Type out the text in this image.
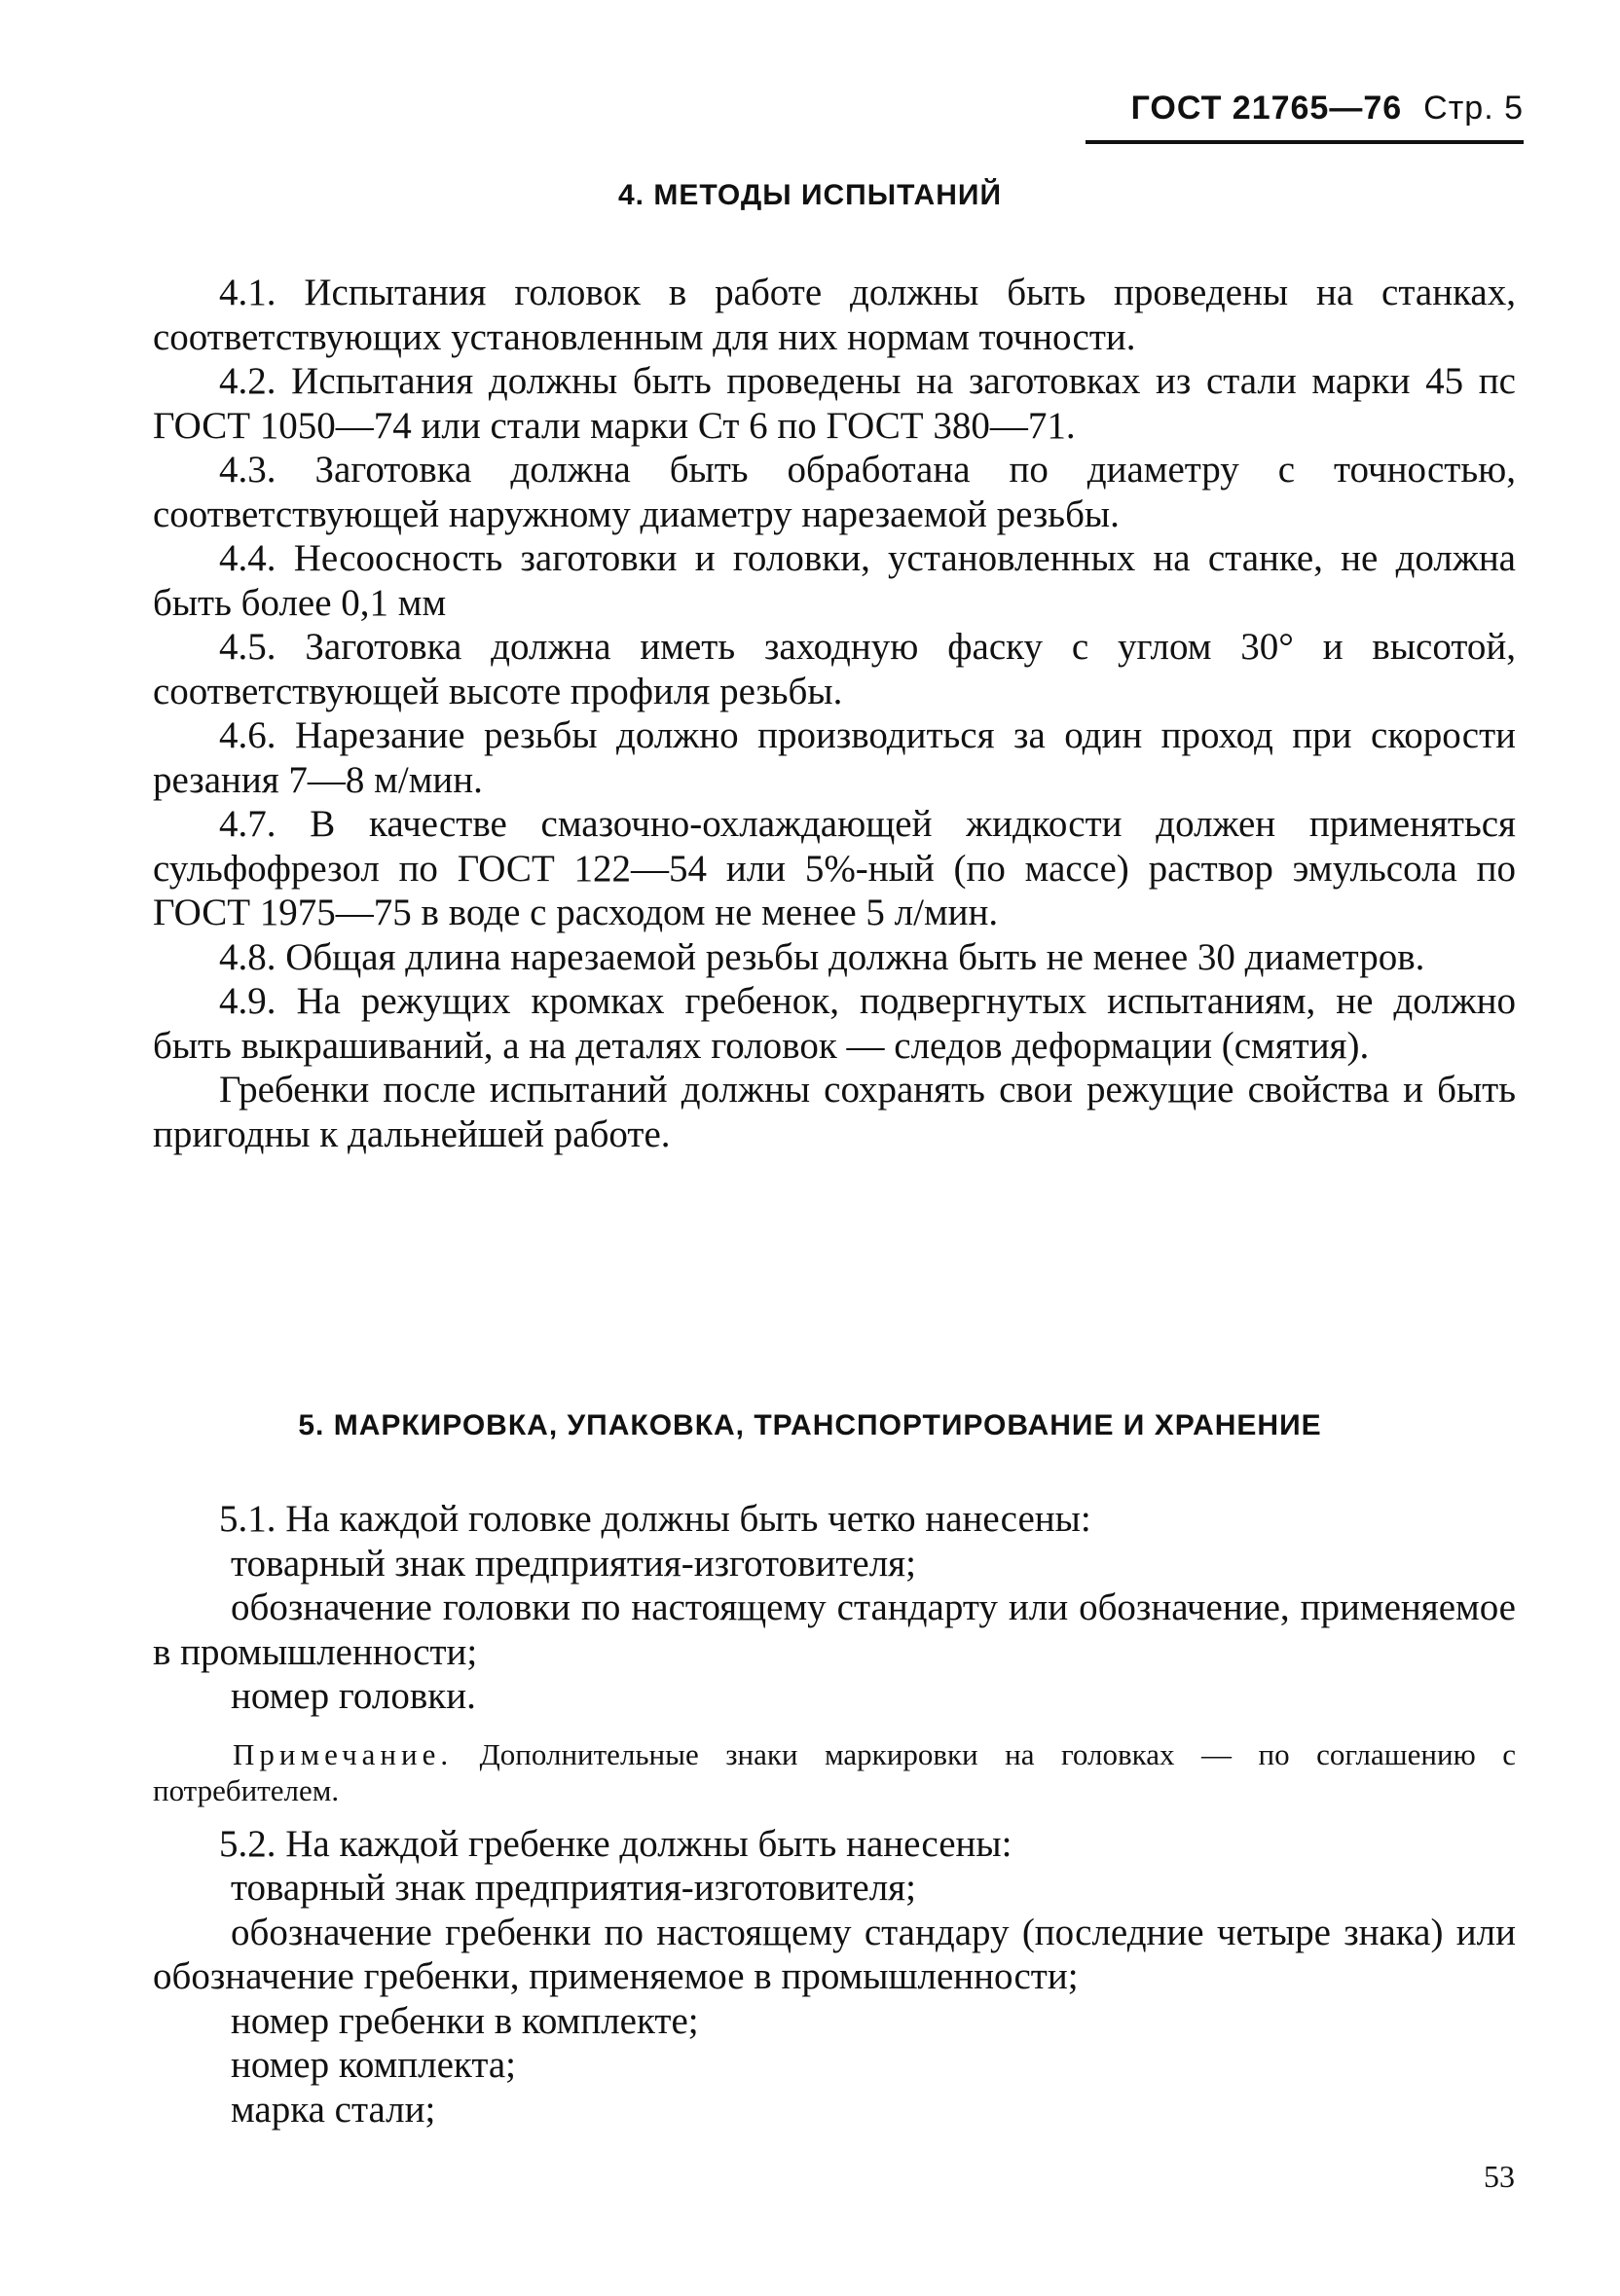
ГОСТ 21765—76 Стр. 5
4. МЕТОДЫ ИСПЫТАНИЙ

4.1. Испытания головок в работе должны быть проведены на станках, соответствующих установленным для них нормам точности.

4.2. Испытания должны быть проведены на заготовках из стали марки 45 пс ГОСТ 1050—74 или стали марки Ст 6 по ГОСТ 380—71.

4.3. Заготовка должна быть обработана по диаметру с точностью, соответствующей наружному диаметру нарезаемой резьбы.

4.4. Несоосность заготовки и головки, установленных на станке, не должна быть более 0,1 мм

4.5. Заготовка должна иметь заходную фаску с углом 30° и высотой, соответствующей высоте профиля резьбы.

4.6. Нарезание резьбы должно производиться за один проход при скорости резания 7—8 м/мин.

4.7. В качестве смазочно-охлаждающей жидкости должен применяться сульфофрезол по ГОСТ 122—54 или 5%-ный (по массе) раствор эмульсола по ГОСТ 1975—75 в воде с расходом не менее 5 л/мин.

4.8. Общая длина нарезаемой резьбы должна быть не менее 30 диаметров.

4.9. На режущих кромках гребенок, подвергнутых испытаниям, не должно быть выкрашиваний, а на деталях головок — следов деформации (смятия).

Гребенки после испытаний должны сохранять свои режущие свойства и быть пригодны к дальнейшей работе.

5. МАРКИРОВКА, УПАКОВКА, ТРАНСПОРТИРОВАНИЕ И ХРАНЕНИЕ

5.1. На каждой головке должны быть четко нанесены:

товарный знак предприятия-изготовителя;

обозначение головки по настоящему стандарту или обозначение, применяемое в промышленности;

номер головки.

Примечание. Дополнительные знаки маркировки на головках — по соглашению с потребителем.

5.2. На каждой гребенке должны быть нанесены:

товарный знак предприятия-изготовителя;

обозначение гребенки по настоящему стандару (последние четыре знака) или обозначение гребенки, применяемое в промышленности;

номер гребенки в комплекте;

номер комплекта;

марка стали;

53
